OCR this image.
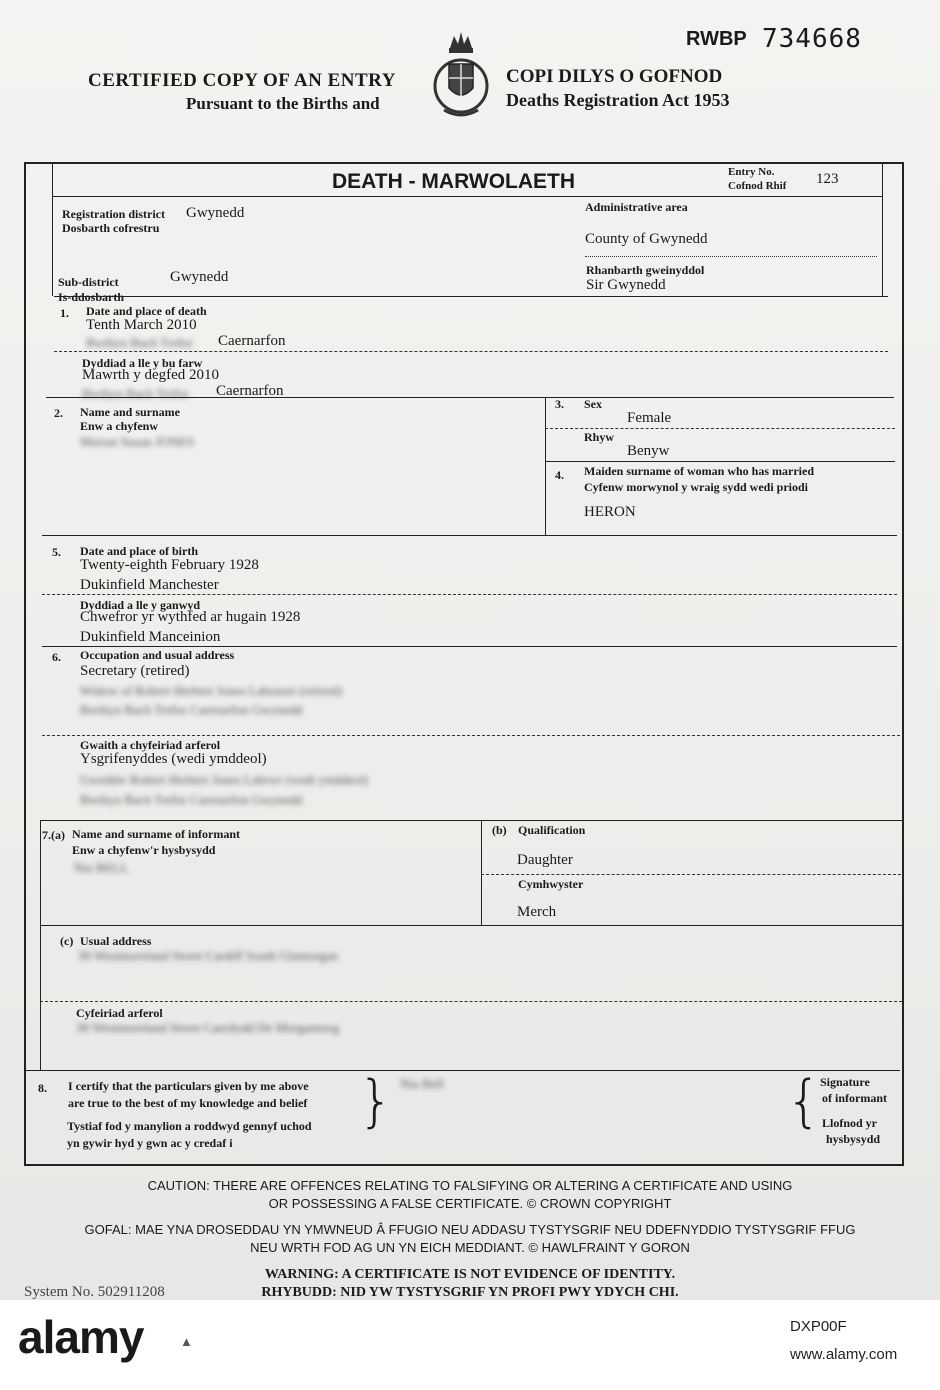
RWBP 734668
CERTIFIED COPY OF AN ENTRY
Pursuant to the Births and
COPI DILYS O GOFNOD
Deaths Registration Act 1953
DEATH - MARWOLAETH	Entry No.
Cofnod Rhif 123
Registration district
Dosbarth cofrestru
Gwynedd
Sub-district
Is-ddosbarth
Gwynedd
Administrative area
County of Gwynedd
Rhanbarth gweinyddol
Sir Gwynedd
1. Date and place of death
Tenth March 2010
Bwthyn Bach Trefor Caernarfon
Dyddiad a lle y bu farw
Mawrth y degfed 2010
Bwthyn Bach Trefor Caernarfon
2. Name and surname
Enw a chyfenw
Marian Susan JONES
3. Sex
Female
Rhyw
Benyw
4. Maiden surname of woman who has married
Cyfenw morwynol y wraig sydd wedi priodi
HERON
5. Date and place of birth
Twenty-eighth February 1928
Dukinfield Manchester
Dyddiad a lle y ganwyd
Chwefror yr wythfed ar hugain 1928
Dukinfield Manceinion
6. Occupation and usual address
Secretary (retired)
Widow of Robert Herbert Jones Labourer (retired)
Bwthyn Bach Trefor Caernarfon Gwynedd
Gwaith a chyfeiriad arferol
Ysgrifenyddes (wedi ymddeol)
Gweddw Robert Herbert Jones Labrwr (wedi ymddeol)
Bwthyn Bach Trefor Caernarfon Gwynedd
7.(a) Name and surname of informant
Enw a chyfenw'r hysbysydd
Nia BELL
(b) Qualification
Daughter
Cymhwyster
Merch
(c) Usual address
30 Westmoreland Street Cardiff South Glamorgan
Cyfeiriad arferol
30 Westmoreland Street Caerdydd De Morgannwg
8. I certify that the particulars given by me above
are true to the best of my knowledge and belief
Tystiaf fod y manylion a roddwyd gennyf uchod
yn gywir hyd y gwn ac y credaf i
} Nia Bell	{
Signature
of informant
Llofnod yr
hysbysydd
CAUTION: THERE ARE OFFENCES RELATING TO FALSIFYING OR ALTERING A CERTIFICATE AND USING
OR POSSESSING A FALSE CERTIFICATE. © CROWN COPYRIGHT
GOFAL: MAE YNA DROSEDDAU YN YMWNEUD Â FFUGIO NEU ADDASU TYSTYSGRIF NEU DDEFNYDDIO TYSTYSGRIF FFUG
NEU WRTH FOD AG UN YN EICH MEDDIANT. © HAWLFRAINT Y GORON
WARNING: A CERTIFICATE IS NOT EVIDENCE OF IDENTITY.
RHYBUDD: NID YW TYSTYSGRIF YN PROFI PWY YDYCH CHI.
System No. 502911208
alamy	▲
DXP00F
www.alamy.com
